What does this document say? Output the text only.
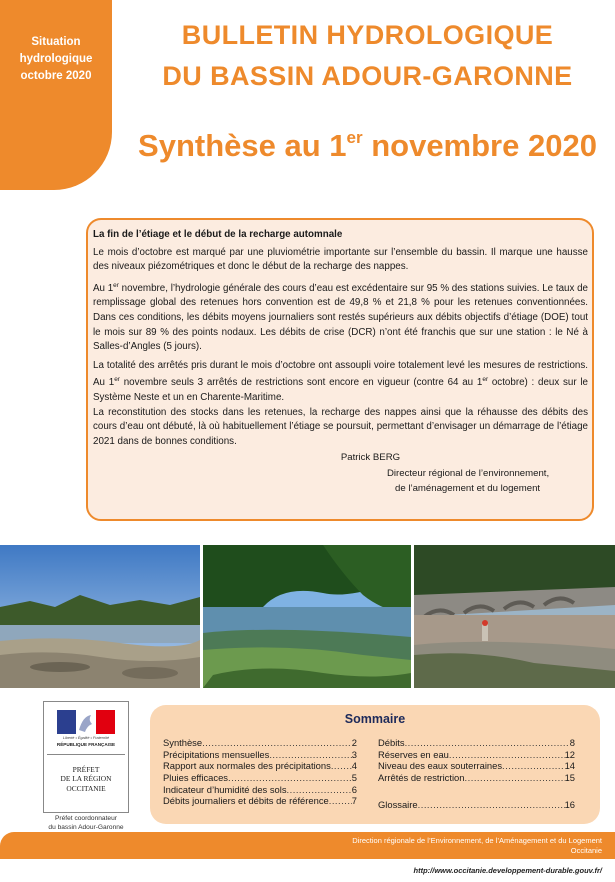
Situation
hydrologique
octobre 2020
BULLETIN HYDROLOGIQUE
DU BASSIN ADOUR-GARONNE
Synthèse au 1er novembre 2020
La fin de l’étiage et le début de la recharge automnale

Le mois d’octobre est marqué par une pluviométrie importante sur l’ensemble du bassin. Il marque une hausse des niveaux piézométriques et donc le début de la recharge des nappes.

Au 1er novembre, l’hydrologie générale des cours d’eau est excédentaire sur 95 % des stations suivies. Le taux de remplissage global des retenues hors convention est de 49,8 % et 21,8 % pour les retenues conventionnées. Dans ces conditions, les débits moyens journaliers sont restés supérieurs aux débits objectifs d’étiage (DOE) tout le mois sur 89 % des points nodaux. Les débits de crise (DCR) n’ont été franchis que sur une station : le Né à Salles-d’Angles (5 jours).

La totalité des arrêtés pris durant le mois d’octobre ont assoupli voire totalement levé les mesures de restrictions. Au 1er novembre seuls 3 arrêtés de restrictions sont encore en vigueur (contre 64 au 1er octobre) : deux sur le Système Neste et un en Charente-Maritime.

La reconstitution des stocks dans les retenues, la recharge des nappes ainsi que la réhausse des débits des cours d’eau ont débuté, là où habituellement l’étiage se poursuit, permettant d’envisager un démarrage de l’étiage 2021 dans de bonnes conditions.

Patrick BERG
Directeur régional de l’environnement,
de l’aménagement et du logement
Liberté • Égalité • Fraternité
RÉPUBLIQUE FRANÇAISE
PRÉFET
DE LA RÉGION
OCCITANIE
Préfet coordonnateur
du bassin Adour-Garonne
Sommaire
Synthèse .....	2
Précipitations mensuelles .....	3
Rapport aux normales des précipitations ..... 4
Pluies efficaces .....	5
Indicateur d’humidité des sols .....	6
Débits journaliers et débits de référence ..... 7
Débits .....	8
Réserves en eau .....	12
Niveau des eaux souterraines .....	14
Arrêtés de restriction .....	15
Glossaire .....	16
Direction régionale de l’Environnement, de l’Aménagement et du Logement
Occitanie
http://www.occitanie.developpement-durable.gouv.fr/
